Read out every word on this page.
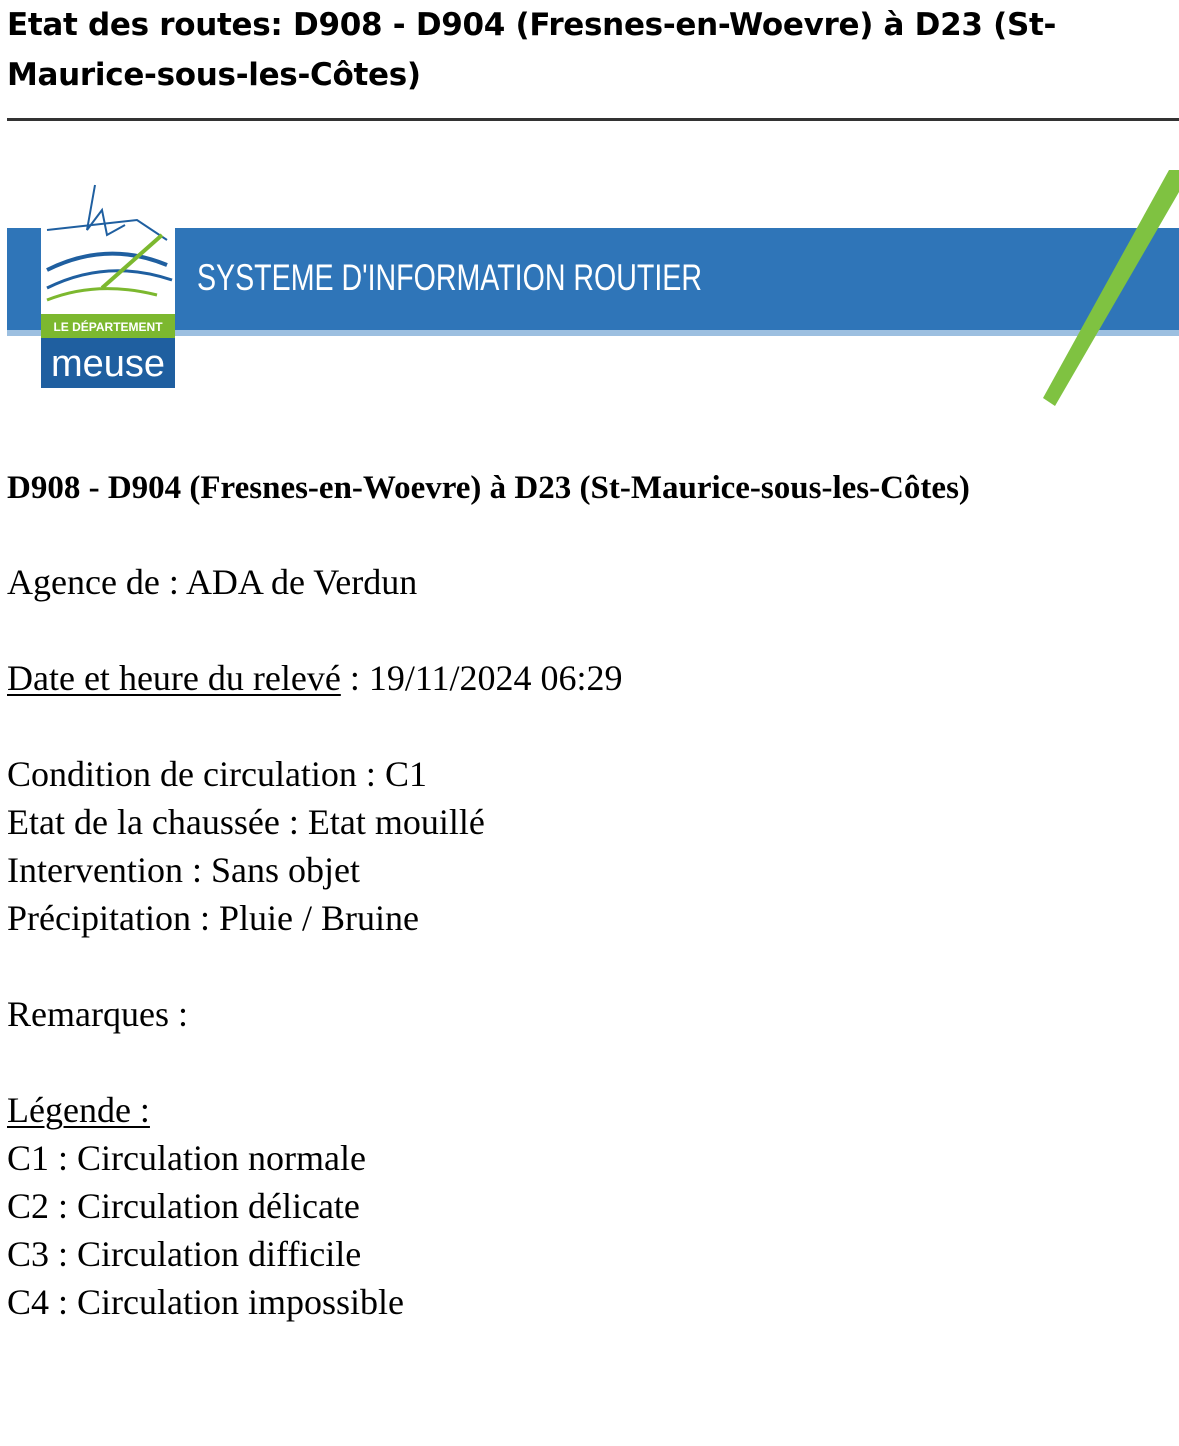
Etat des routes: D908 - D904 (Fresnes-en-Woevre) à D23 (St-Maurice-sous-les-Côtes)
LE DÉPARTEMENT
meuse
SYSTEME D'INFORMATION ROUTIER
D908 - D904 (Fresnes-en-Woevre) à D23 (St-Maurice-sous-les-Côtes)
Agence de : ADA de Verdun
Date et heure du relevé : 19/11/2024 06:29
Condition de circulation : C1
Etat de la chaussée : Etat mouillé
Intervention : Sans objet
Précipitation : Pluie / Bruine
Remarques :
Légende :
C1 : Circulation normale
C2 : Circulation délicate
C3 : Circulation difficile
C4 : Circulation impossible
